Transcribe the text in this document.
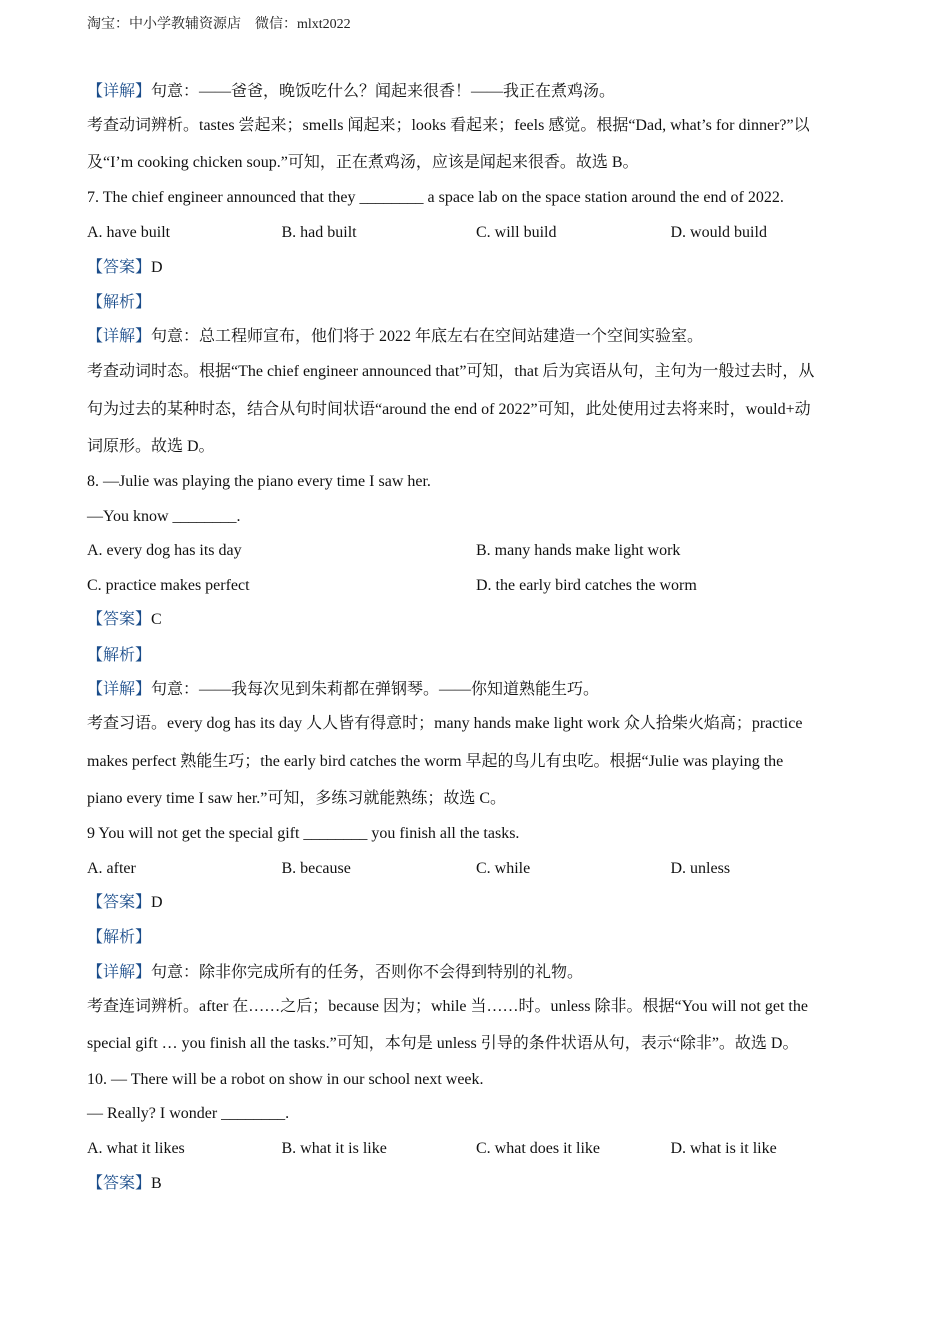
淘宝：中小学教辅资源店　微信：mlxt2022
【详解】句意：——爸爸，晚饭吃什么？闻起来很香！——我正在煮鸡汤。
考查动词辨析。tastes 尝起来；smells 闻起来；looks 看起来；feels 感觉。根据“Dad, what’s for dinner?”以
及“I’m cooking chicken soup.”可知，正在煮鸡汤，应该是闻起来很香。故选 B。
7. The chief engineer announced that they ________ a space lab on the space station around the end of 2022.
A. have built	B. had built	C. will build	D. would build
【答案】D
【解析】
【详解】句意：总工程师宣布，他们将于 2022 年底左右在空间站建造一个空间实验室。
考查动词时态。根据“The chief engineer announced that”可知，that 后为宾语从句，主句为一般过去时，从
句为过去的某种时态，结合从句时间状语“around the end of 2022”可知，此处使用过去将来时，would+动
词原形。故选 D。
8. —Julie was playing the piano every time I saw her.
—You know ________.
A. every dog has its day	B. many hands make light work
C. practice makes perfect	D. the early bird catches the worm
【答案】C
【解析】
【详解】句意：——我每次见到朱莉都在弹钢琴。——你知道熟能生巧。
考查习语。every dog has its day 人人皆有得意时；many hands make light work 众人拾柴火焰高；practice
makes perfect 熟能生巧；the early bird catches the worm 早起的鸟儿有虫吃。根据“Julie was playing the
piano every time I saw her.”可知，多练习就能熟练；故选 C。
9 You will not get the special gift ________ you finish all the tasks.
A. after	B. because	C. while	D. unless
【答案】D
【解析】
【详解】句意：除非你完成所有的任务，否则你不会得到特别的礼物。
考查连词辨析。after 在……之后；because 因为；while 当……时。unless 除非。根据“You will not get the
special gift … you finish all the tasks.”可知，本句是 unless 引导的条件状语从句，表示“除非”。故选 D。
10. — There will be a robot on show in our school next week.
— Really? I wonder ________.
A. what it likes	B. what it is like	C. what does it like	D. what is it like
【答案】B
